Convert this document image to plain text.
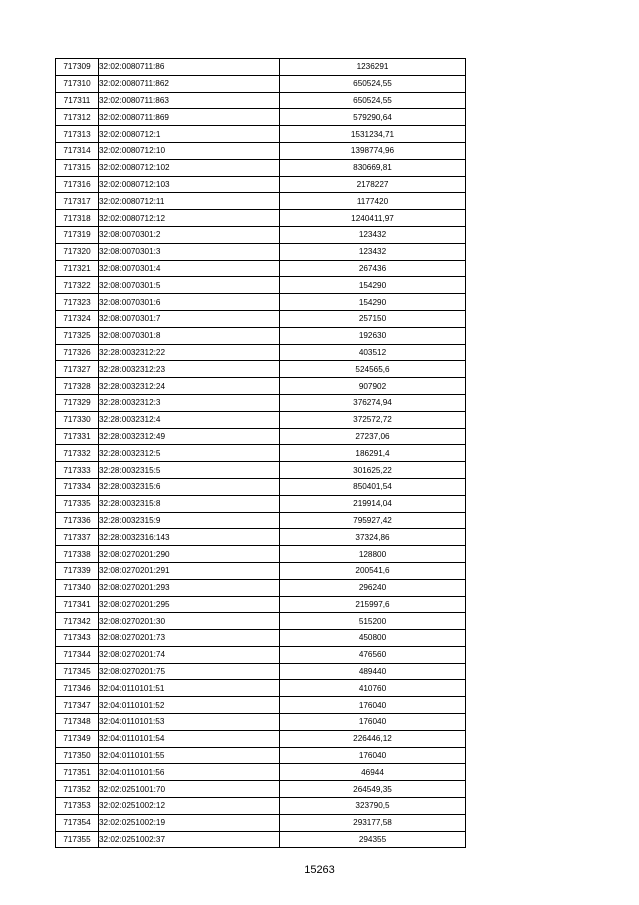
717309	32:02:0080711:86	1236291
717310	32:02:0080711:862	650524,55
717311	32:02:0080711:863	650524,55
717312	32:02:0080711:869	579290,64
717313	32:02:0080712:1	1531234,71
717314	32:02:0080712:10	1398774,96
717315	32:02:0080712:102	830669,81
717316	32:02:0080712:103	2178227
717317	32:02:0080712:11	1177420
717318	32:02:0080712:12	1240411,97
717319	32:08:0070301:2	123432
717320	32:08:0070301:3	123432
717321	32:08:0070301:4	267436
717322	32:08:0070301:5	154290
717323	32:08:0070301:6	154290
717324	32:08:0070301:7	257150
717325	32:08:0070301:8	192630
717326	32:28:0032312:22	403512
717327	32:28:0032312:23	524565,6
717328	32:28:0032312:24	907902
717329	32:28:0032312:3	376274,94
717330	32:28:0032312:4	372572,72
717331	32:28:0032312:49	27237,06
717332	32:28:0032312:5	186291,4
717333	32:28:0032315:5	301625,22
717334	32:28:0032315:6	850401,54
717335	32:28:0032315:8	219914,04
717336	32:28:0032315:9	795927,42
717337	32:28:0032316:143	37324,86
717338	32:08:0270201:290	128800
717339	32:08:0270201:291	200541,6
717340	32:08:0270201:293	296240
717341	32:08:0270201:295	215997,6
717342	32:08:0270201:30	515200
717343	32:08:0270201:73	450800
717344	32:08:0270201:74	476560
717345	32:08:0270201:75	489440
717346	32:04:0110101:51	410760
717347	32:04:0110101:52	176040
717348	32:04:0110101:53	176040
717349	32:04:0110101:54	226446,12
717350	32:04:0110101:55	176040
717351	32:04:0110101:56	46944
717352	32:02:0251001:70	264549,35
717353	32:02:0251002:12	323790,5
717354	32:02:0251002:19	293177,58
717355	32:02:0251002:37	294355
15263
